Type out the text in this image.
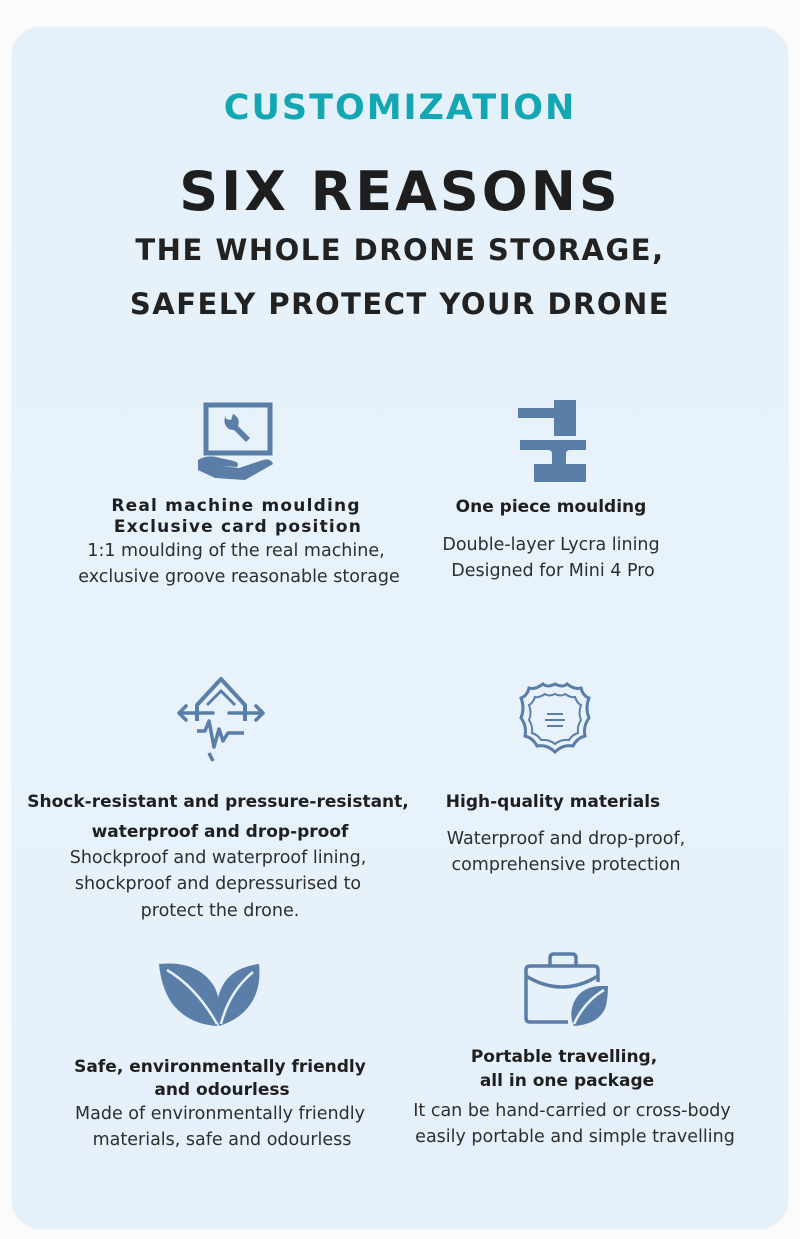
CUSTOMIZATION
SIX REASONS
THE WHOLE DRONE STORAGE,
SAFELY PROTECT YOUR DRONE
Real machine moulding
Exclusive card position
1:1 moulding of the real machine,
exclusive groove reasonable storage
One piece moulding
Double-layer Lycra lining
Designed for Mini 4 Pro
Shock-resistant and pressure-resistant,
waterproof and drop-proof
Shockproof and waterproof lining,
shockproof and depressurised to
protect the drone.
High-quality materials
Waterproof and drop-proof,
comprehensive protection
Safe, environmentally friendly
and odourless
Made of environmentally friendly
materials, safe and odourless
Portable travelling,
all in one package
It can be hand-carried or cross-body
easily portable and simple travelling
